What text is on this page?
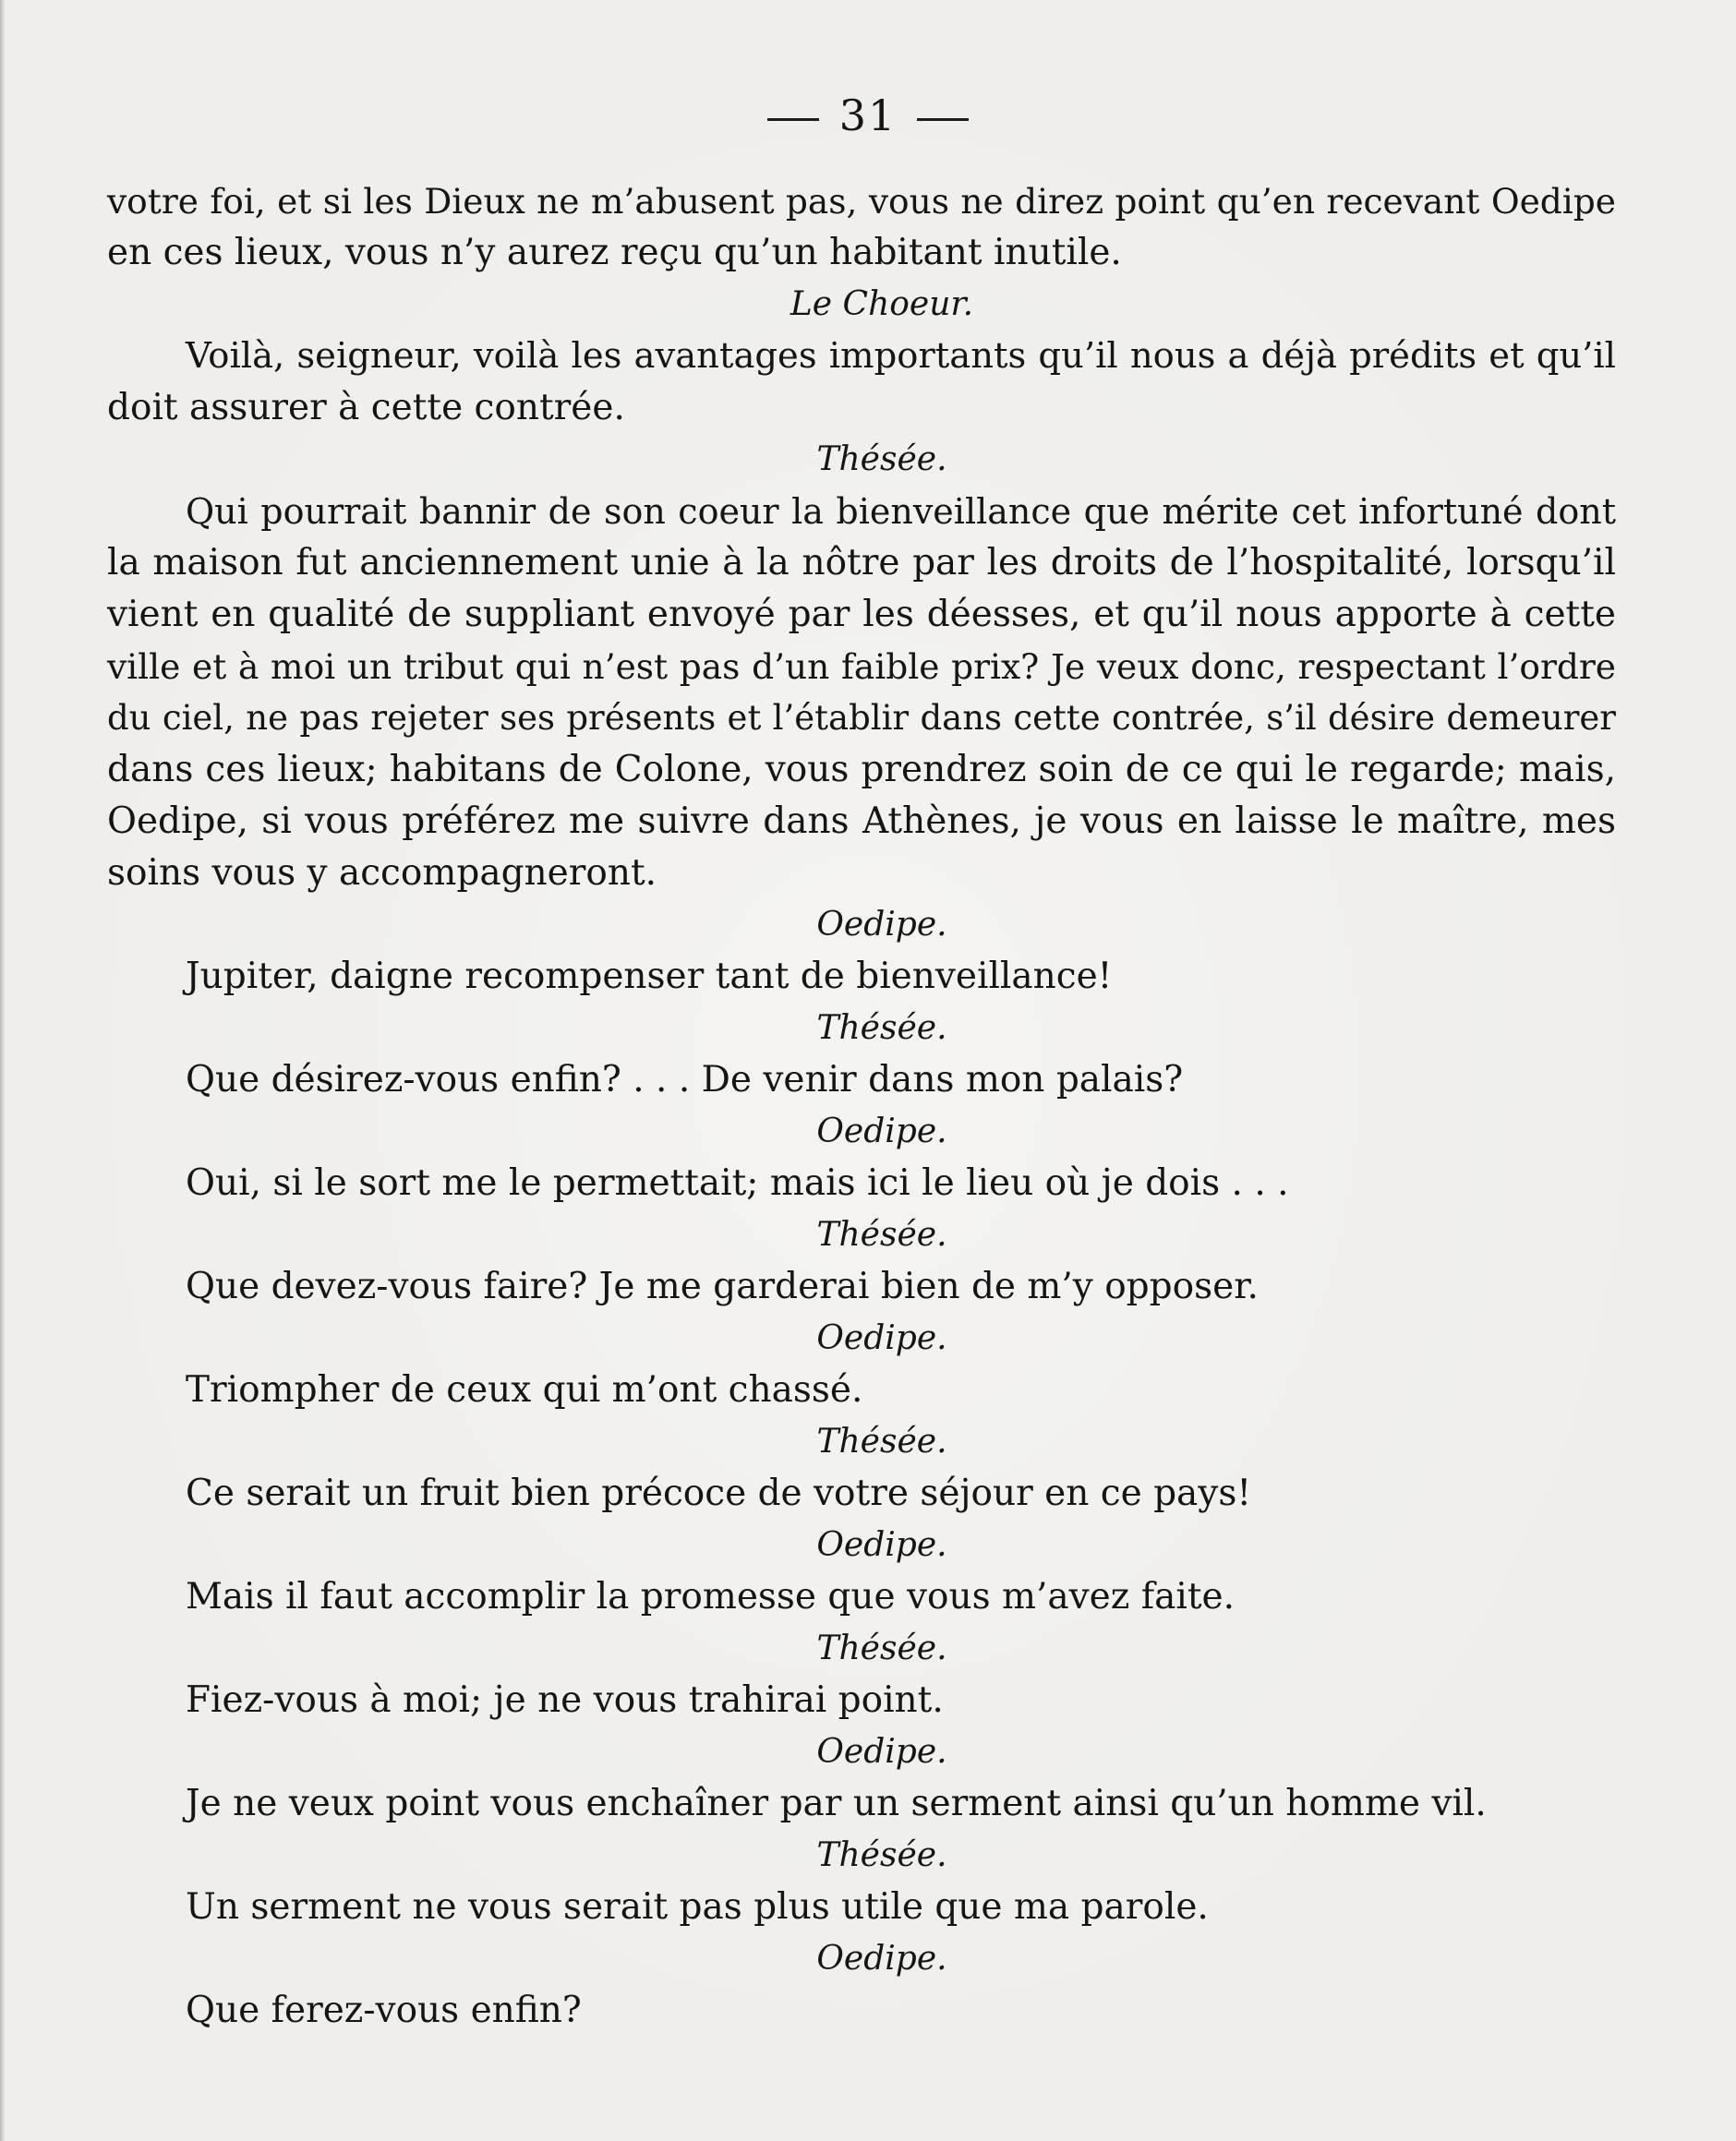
31
votre foi, et si les Dieux ne m’abusent pas, vous ne direz point qu’en recevant Oedipe
en ces lieux, vous n’y aurez reçu qu’un habitant inutile.
Le Choeur.
Voilà, seigneur, voilà les avantages importants qu’il nous a déjà prédits et qu’il
doit assurer à cette contrée.
Thésée.
Qui pourrait bannir de son coeur la bienveillance que mérite cet infortuné dont
la maison fut anciennement unie à la nôtre par les droits de l’hospitalité, lorsqu’il
vient en qualité de suppliant envoyé par les déesses, et qu’il nous apporte à cette
ville et à moi un tribut qui n’est pas d’un faible prix? Je veux donc, respectant l’ordre
du ciel, ne pas rejeter ses présents et l’établir dans cette contrée, s’il désire demeurer
dans ces lieux; habitans de Colone, vous prendrez soin de ce qui le regarde; mais,
Oedipe, si vous préférez me suivre dans Athènes, je vous en laisse le maître, mes
soins vous y accompagneront.
Oedipe.
Jupiter, daigne recompenser tant de bienveillance!
Thésée.
Que désirez-vous enfin? . . . De venir dans mon palais?
Oedipe.
Oui, si le sort me le permettait; mais ici le lieu où je dois . . .
Thésée.
Que devez-vous faire? Je me garderai bien de m’y opposer.
Oedipe.
Triompher de ceux qui m’ont chassé.
Thésée.
Ce serait un fruit bien précoce de votre séjour en ce pays!
Oedipe.
Mais il faut accomplir la promesse que vous m’avez faite.
Thésée.
Fiez-vous à moi; je ne vous trahirai point.
Oedipe.
Je ne veux point vous enchaîner par un serment ainsi qu’un homme vil.
Thésée.
Un serment ne vous serait pas plus utile que ma parole.
Oedipe.
Que ferez-vous enfin?
